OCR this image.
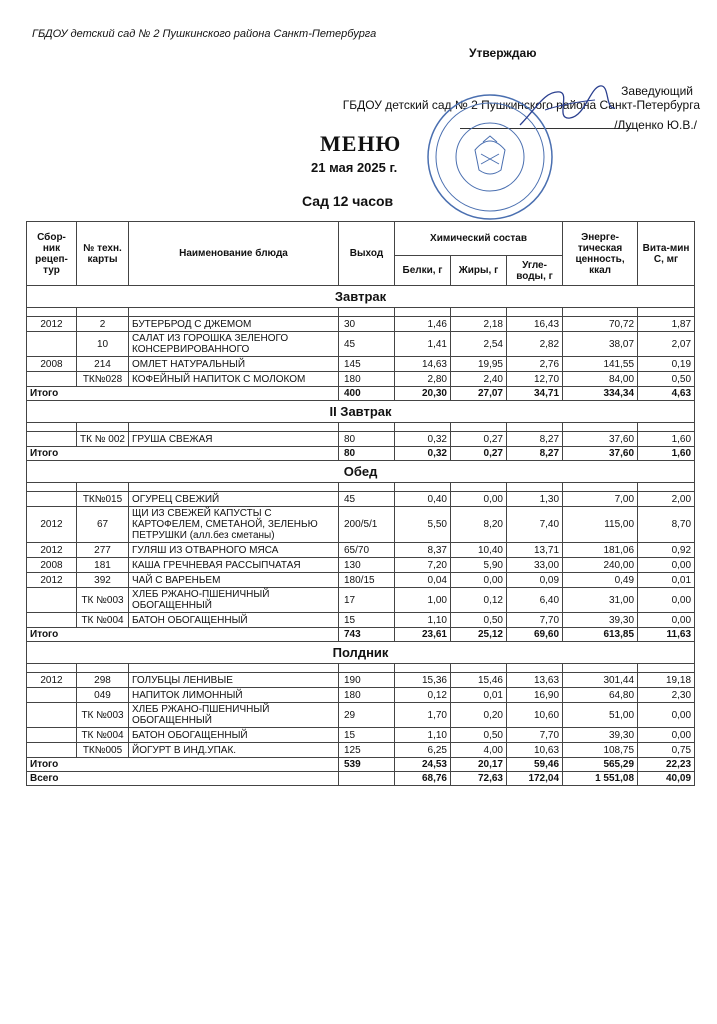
ГБДОУ детский сад № 2 Пушкинского района Санкт-Петербурга
Утверждаю
Заведующий
ГБДОУ детский сад № 2 Пушкинского района Санкт-Петербурга
/Луценко Ю.В./
МЕНЮ
21 мая 2025 г.
Сад 12 часов
Сбор-ник рецеп-тур	№ техн. карты	Наименование блюда	Выход	Химический состав			Энерге-тическая ценность, ккал	Вита-мин С, мг
				Белки, г	Жиры, г	Угле-воды, г		
Завтрак								

2012	2	БУТЕРБРОД С ДЖЕМОМ	30	1,46	2,18	16,43	70,72	1,87
	10	САЛАТ ИЗ ГОРОШКА ЗЕЛЕНОГО КОНСЕРВИРОВАННОГО	45	1,41	2,54	2,82	38,07	2,07
2008	214	ОМЛЕТ НАТУРАЛЬНЫЙ	145	14,63	19,95	2,76	141,55	0,19
	ТК№028	КОФЕЙНЫЙ НАПИТОК С МОЛОКОМ	180	2,80	2,40	12,70	84,00	0,50
Итого			400	20,30	27,07	34,71	334,34	4,63
II Завтрак								

	ТК № 002	ГРУША СВЕЖАЯ	80	0,32	0,27	8,27	37,60	1,60
Итого			80	0,32	0,27	8,27	37,60	1,60
Обед								

	ТК№015	ОГУРЕЦ СВЕЖИЙ	45	0,40	0,00	1,30	7,00	2,00
2012	67	ЩИ ИЗ СВЕЖЕЙ КАПУСТЫ С КАРТОФЕЛЕМ, СМЕТАНОЙ, ЗЕЛЕНЬЮ ПЕТРУШКИ (алл.без сметаны)	200/5/1	5,50	8,20	7,40	115,00	8,70
2012	277	ГУЛЯШ ИЗ ОТВАРНОГО МЯСА	65/70	8,37	10,40	13,71	181,06	0,92
2008	181	КАША ГРЕЧНЕВАЯ РАССЫПЧАТАЯ	130	7,20	5,90	33,00	240,00	0,00
2012	392	ЧАЙ С ВАРЕНЬЕМ	180/15	0,04	0,00	0,09	0,49	0,01
	ТК №003	ХЛЕБ РЖАНО-ПШЕНИЧНЫЙ ОБОГАЩЕННЫЙ	17	1,00	0,12	6,40	31,00	0,00
	ТК №004	БАТОН ОБОГАЩЕННЫЙ	15	1,10	0,50	7,70	39,30	0,00
Итого			743	23,61	25,12	69,60	613,85	11,63
Полдник								

2012	298	ГОЛУБЦЫ ЛЕНИВЫЕ	190	15,36	15,46	13,63	301,44	19,18
	049	НАПИТОК ЛИМОННЫЙ	180	0,12	0,01	16,90	64,80	2,30
	ТК №003	ХЛЕБ РЖАНО-ПШЕНИЧНЫЙ ОБОГАЩЕННЫЙ	29	1,70	0,20	10,60	51,00	0,00
	ТК №004	БАТОН ОБОГАЩЕННЫЙ	15	1,10	0,50	7,70	39,30	0,00
	ТК№005	ЙОГУРТ В ИНД.УПАК.	125	6,25	4,00	10,63	108,75	0,75
Итого			539	24,53	20,17	59,46	565,29	22,23
Всего				68,76	72,63	172,04	1 551,08	40,09
